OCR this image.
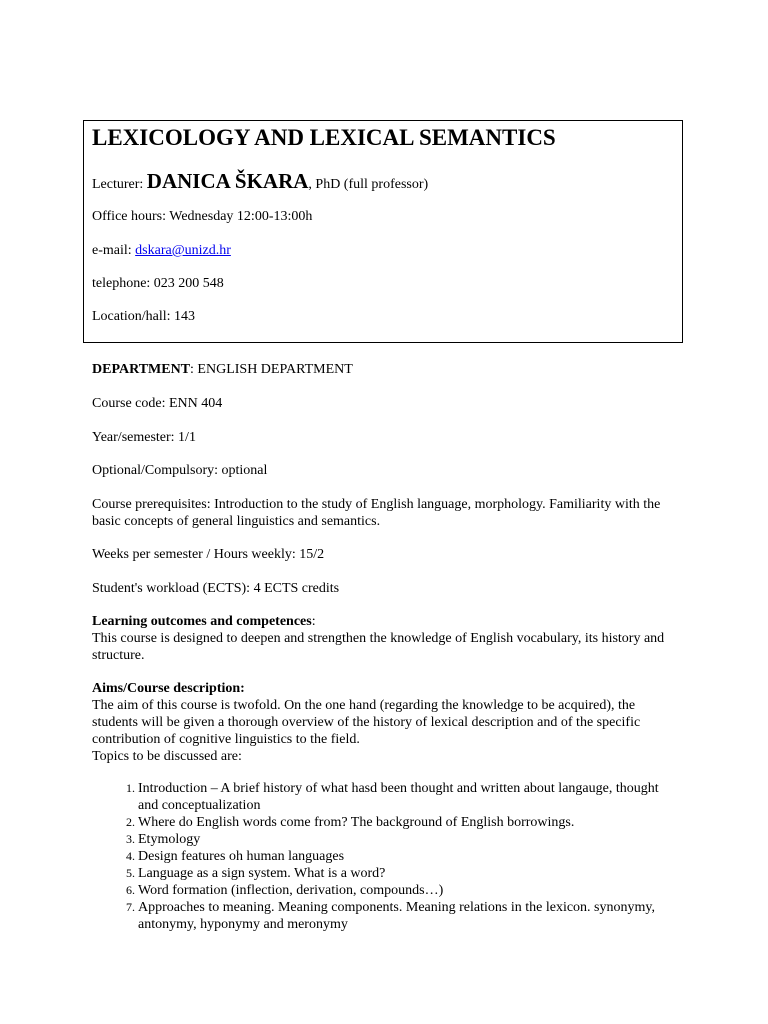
LEXICOLOGY AND LEXICAL SEMANTICS
Lecturer: DANICA ŠKARA, PhD (full professor)
Office hours: Wednesday 12:00-13:00h
e-mail: dskara@unizd.hr
telephone: 023 200 548
Location/hall: 143

DEPARTMENT: ENGLISH DEPARTMENT

Course code: ENN 404

Year/semester: 1/1

Optional/Compulsory: optional

Course prerequisites: Introduction to the study of English language, morphology. Familiarity with the basic concepts of general linguistics and semantics.

Weeks per semester / Hours weekly: 15/2

Student's workload (ECTS): 4 ECTS credits

Learning outcomes and competences:

This course is designed to deepen and strengthen the knowledge of English vocabulary, its history and structure.

Aims/Course description:

The aim of this course is twofold. On the one hand (regarding the knowledge to be acquired), the students will be given a thorough overview of the history of lexical description and of the specific contribution of cognitive linguistics to the field.

Topics to be discussed are:

1. Introduction – A brief history of what hasd been thought and written about langauge, thought and conceptualization
2. Where do English words come from? The background of English borrowings.
3. Etymology
4. Design features oh human languages
5. Language as a sign system. What is a word?
6. Word formation (inflection, derivation, compounds…)
7. Approaches to meaning. Meaning components. Meaning relations in the lexicon. synonymy, antonymy, hyponymy and meronymy
